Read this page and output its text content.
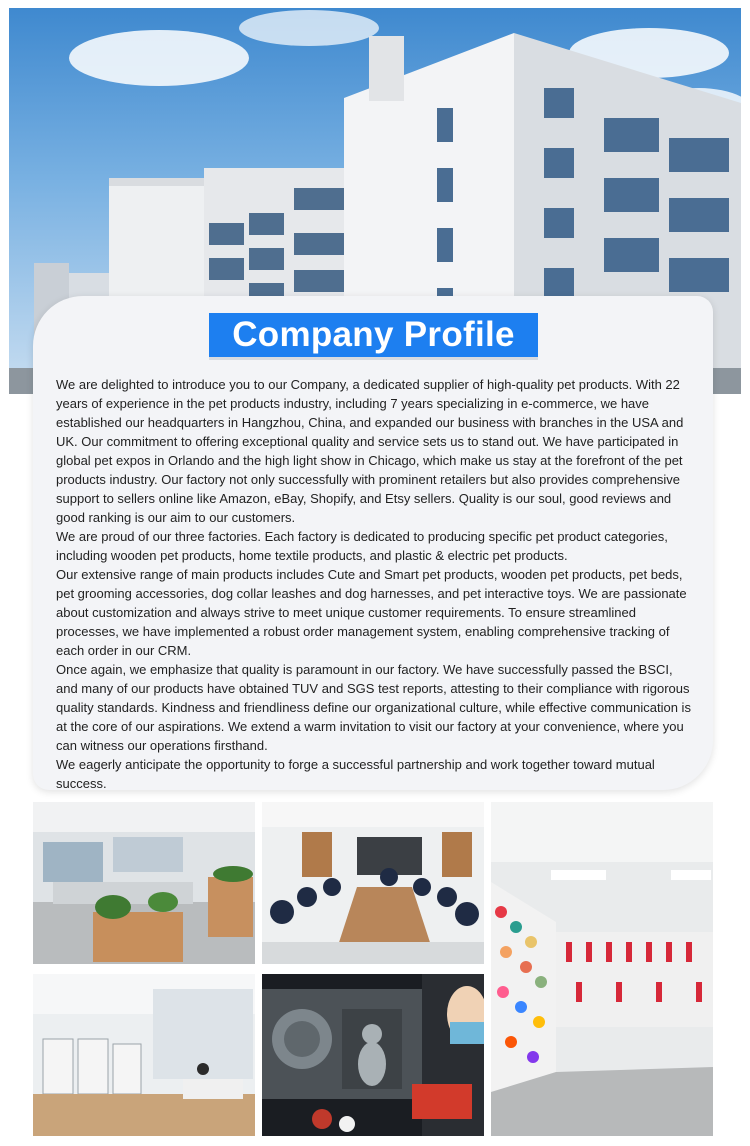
Company Profile

We are delighted to introduce you to our Company, a dedicated supplier of high-quality pet products. With 22 years of experience in the pet products industry, including 7 years specializing in e-commerce, we have established our headquarters in Hangzhou, China, and expanded our business with branches in the USA and UK. Our commitment to offering exceptional quality and service sets us to stand out. We have participated in global pet expos in Orlando and the high light show in Chicago, which make us stay at the forefront of the pet products industry. Our factory not only successfully with prominent retailers but also provides comprehensive support to sellers online like Amazon, eBay, Shopify, and Etsy sellers. Quality is our soul, good reviews and good ranking is our aim to our customers.

We are proud of our three factories. Each factory is dedicated to producing specific pet product categories, including wooden pet products, home textile products, and plastic & electric pet products.

Our extensive range of main products includes Cute and Smart pet products, wooden pet products, pet beds, pet grooming accessories, dog collar leashes and dog harnesses, and pet interactive toys. We are passionate about customization and always strive to meet unique customer requirements. To ensure streamlined processes, we have implemented a robust order management system, enabling comprehensive tracking of each order in our CRM.

Once again, we emphasize that quality is paramount in our factory. We have successfully passed the BSCI, and many of our products have obtained TUV and SGS test reports, attesting to their compliance with rigorous quality standards. Kindness and friendliness define our organizational culture, while effective communication is at the core of our aspirations. We extend a warm invitation to visit our factory at your convenience, where you can witness our operations firsthand.

We eagerly anticipate the opportunity to forge a successful partnership and work together toward mutual success.
